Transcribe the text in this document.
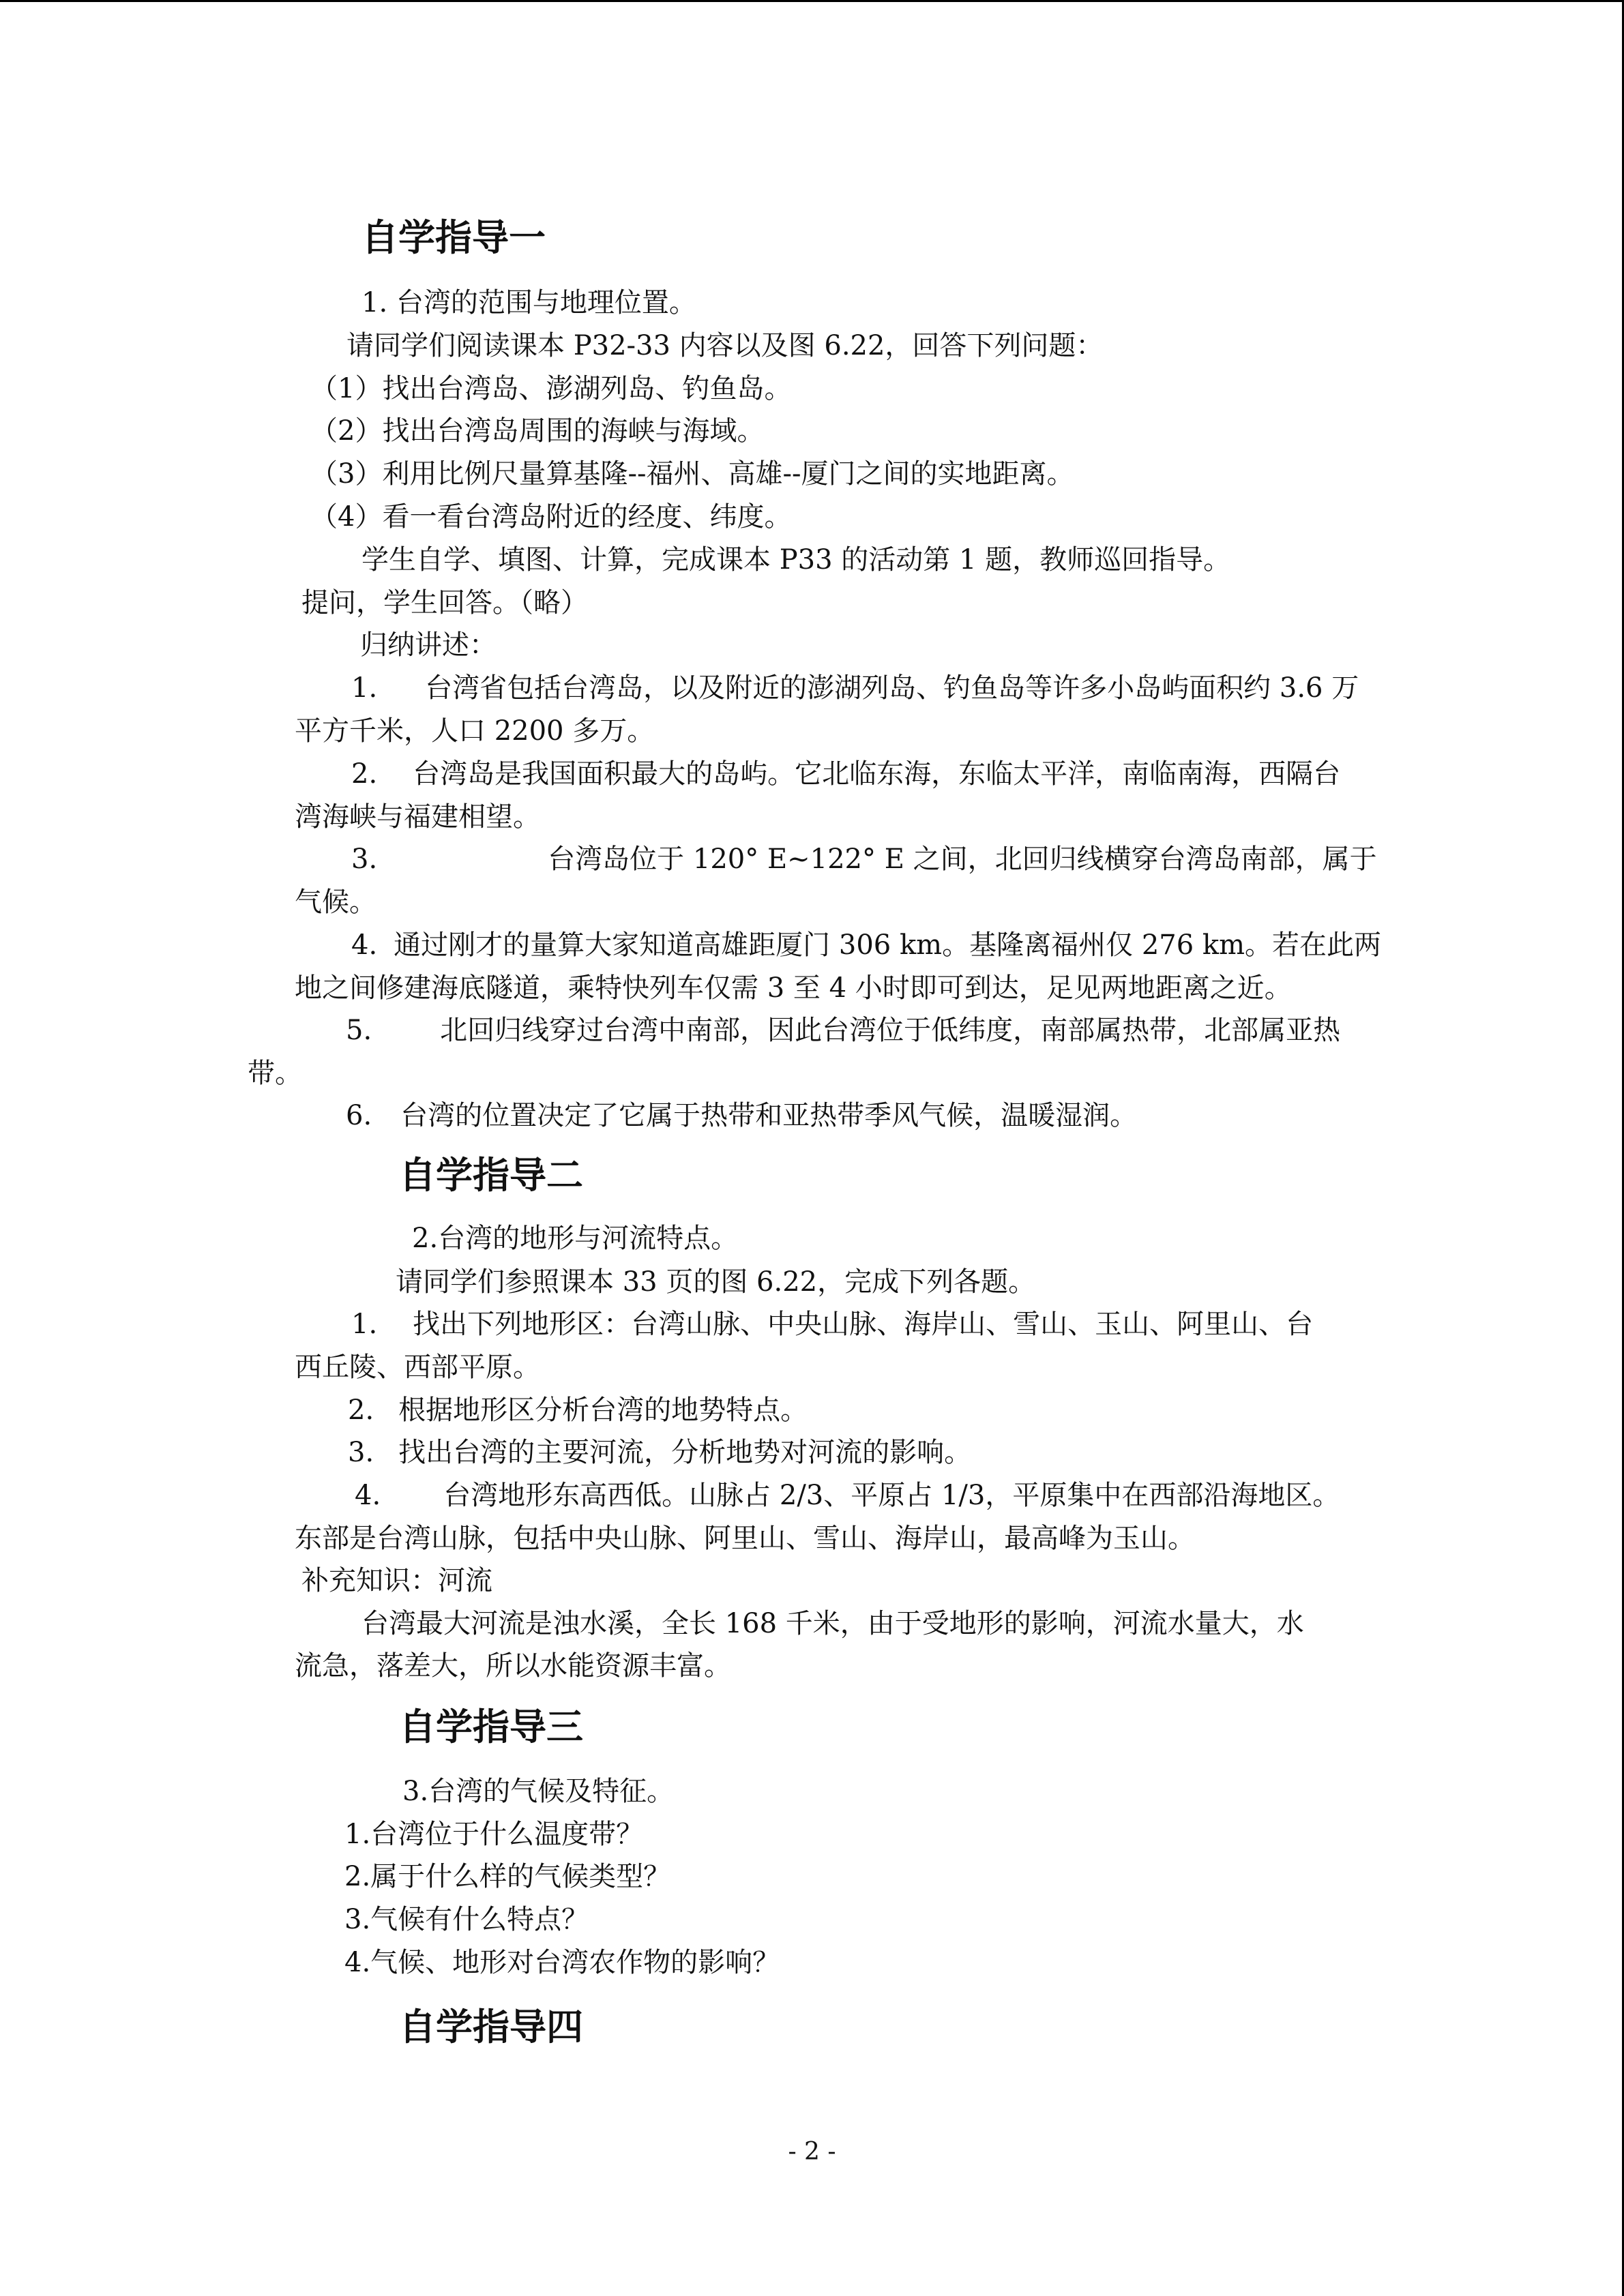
自学指导一
1. 台湾的范围与地理位置。
请同学们阅读课本 P32-33 内容以及图 6.22，回答下列问题：
（1）找出台湾岛、澎湖列岛、钓鱼岛。
（2）找出台湾岛周围的海峡与海域。
（3）利用比例尺量算基隆--福州、高雄--厦门之间的实地距离。
（4）看一看台湾岛附近的经度、纬度。
学生自学、填图、计算，完成课本 P33 的活动第 1 题，教师巡回指导。
提问，学生回答。（略）
归纳讲述：
1. 台湾省包括台湾岛，以及附近的澎湖列岛、钓鱼岛等许多小岛屿面积约 3.6 万
平方千米，人口 2200 多万。
2. 台湾岛是我国面积最大的岛屿。它北临东海，东临太平洋，南临南海，西隔台
湾海峡与福建相望。
3.	台湾岛位于 120° E~122° E 之间，北回归线横穿台湾岛南部，属于
气候。
4. 通过刚才的量算大家知道高雄距厦门 306 km。基隆离福州仅 276 km。若在此两
地之间修建海底隧道，乘特快列车仅需 3 至 4 小时即可到达，足见两地距离之近。
5.	北回归线穿过台湾中南部，因此台湾位于低纬度，南部属热带，北部属亚热
带。
6. 台湾的位置决定了它属于热带和亚热带季风气候，温暖湿润。
自学指导二
2.台湾的地形与河流特点。
请同学们参照课本 33 页的图 6.22，完成下列各题。
1. 找出下列地形区：台湾山脉、中央山脉、海岸山、雪山、玉山、阿里山、台
西丘陵、西部平原。
2. 根据地形区分析台湾的地势特点。
3. 找出台湾的主要河流，分析地势对河流的影响。
4. 台湾地形东高西低。山脉占 2/3、平原占 1/3，平原集中在西部沿海地区。
东部是台湾山脉，包括中央山脉、阿里山、雪山、海岸山，最高峰为玉山。
补充知识：河流
台湾最大河流是浊水溪，全长 168 千米，由于受地形的影响，河流水量大，水
流急，落差大，所以水能资源丰富。
自学指导三
3.台湾的气候及特征。
1.台湾位于什么温度带？
2.属于什么样的气候类型？
3.气候有什么特点？
4.气候、地形对台湾农作物的影响？
自学指导四
- 2 -
